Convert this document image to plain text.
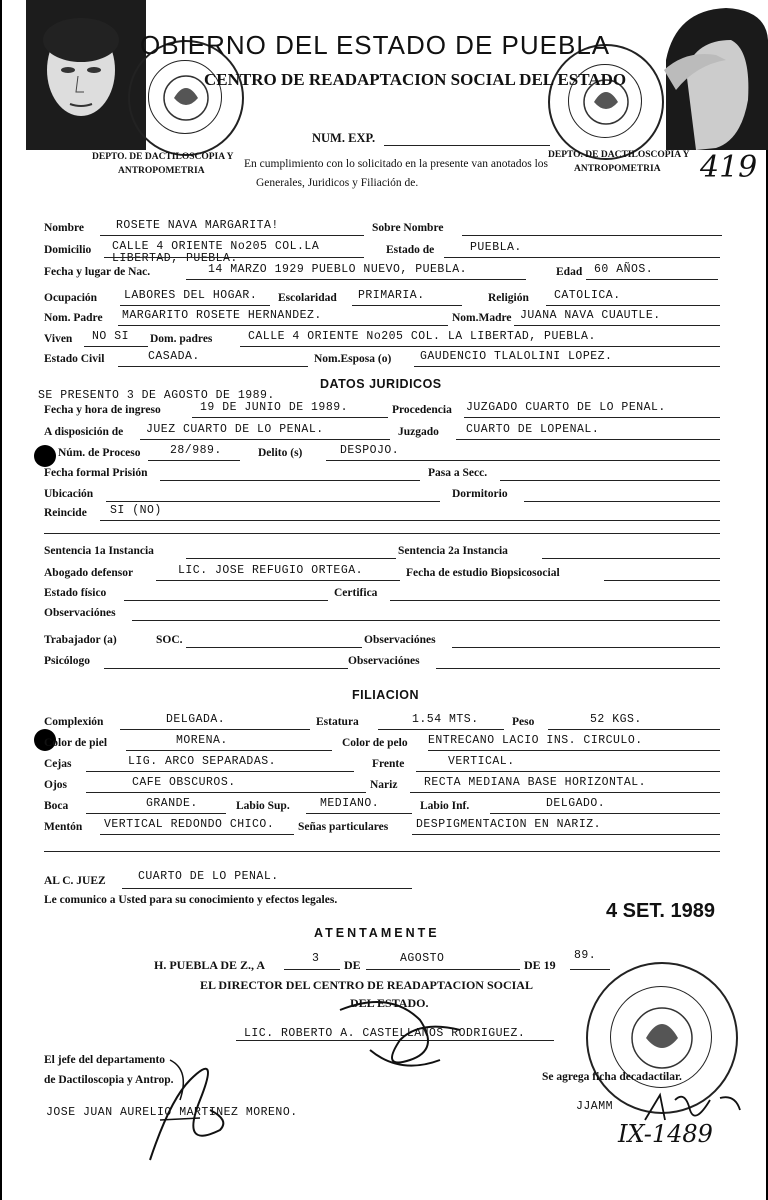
OBIERNO DEL ESTADO DE PUEBLA
CENTRO DE READAPTACION SOCIAL DEL ESTADO
NUM. EXP.
DEPTO. DE DACTILOSCOPIA Y
ANTROPOMETRIA
DEPTO. DE DACTILOSCOPIA Y
ANTROPOMETRIA
En cumplimiento con lo solicitado en la presente van anotados los
Generales, Juridicos y Filiación de.	419
Nombre	ROSETE NAVA MARGARITA!	Sobre Nombre
Domicilio CALLE 4 ORIENTE No205 COL.LA
LIBERTAD, PUEBLA.
Estado de	PUEBLA.
Fecha y lugar de Nac.	14 MARZO 1929 PUEBLO NUEVO, PUEBLA.	Edad 60 AÑOS.
Ocupación LABORES DEL HOGAR. Escolaridad PRIMARIA.	Religión CATOLICA.
Nom. Padre MARGARITO ROSETE HERNANDEZ.	Nom.Madre JUANA NAVA CUAUTLE.
Viven NO SI Dom. padres	CALLE 4 ORIENTE No205 COL. LA LIBERTAD, PUEBLA.
Estado Civil	CASADA.	Nom.Esposa (o) GAUDENCIO TLALOLINI LOPEZ.
DATOS JURIDICOS
SE PRESENTO 3 DE AGOSTO DE 1989.
Fecha y hora de ingreso	19 DE JUNIO DE 1989.	Procedencia JUZGADO CUARTO DE LO PENAL.
A disposición de JUEZ CUARTO DE LO PENAL.	Juzgado CUARTO DE LOPENAL.
Núm. de Proceso	28/989.	Delito (s)	DESPOJO.
Fecha formal Prisión	Pasa a Secc.
Ubicación	Dormitorio
Reincide SI (NO)
Sentencia 1a Instancia	Sentencia 2a Instancia
Abogado defensor	LIC. JOSE REFUGIO ORTEGA.	Fecha de estudio Biopsicosocial
Estado físico	Certifica
Observaciónes
Trabajador (a)	SOC.	Observaciónes
Psicólogo	Observaciónes
FILIACION
Complexión	DELGADA.	Estatura	1.54 MTS.	Peso	52 KGS.
Color de piel	MORENA.	Color de pelo ENTRECANO LACIO INS. CIRCULO.
Cejas	LIG. ARCO SEPARADAS.	Frente	VERTICAL.
Ojos	CAFE OBSCUROS.	Nariz RECTA MEDIANA BASE HORIZONTAL.
Boca	GRANDE.	Labio Sup.	MEDIANO.	Labio Inf.	DELGADO.
Mentón VERTICAL REDONDO CHICO. Señas particulares DESPIGMENTACION EN NARIZ.
AL C. JUEZ	CUARTO DE LO PENAL.
Le comunico a Usted para su conocimiento y efectos legales.	4 SET. 1989
ATENTAMENTE
H. PUEBLA DE Z., A	3 DE	AGOSTO	DE 19
89.
EL DIRECTOR DEL CENTRO DE READAPTACION SOCIAL
DEL ESTADO.
LIC. ROBERTO A. CASTELLANOS RODRIGUEZ.
El jefe del departamento
de Dactiloscopia y Antrop.	Se agrega ficha decadactilar.
JOSE JUAN AURELIO MARTINEZ MORENO.	JJAMM
IX-1489
